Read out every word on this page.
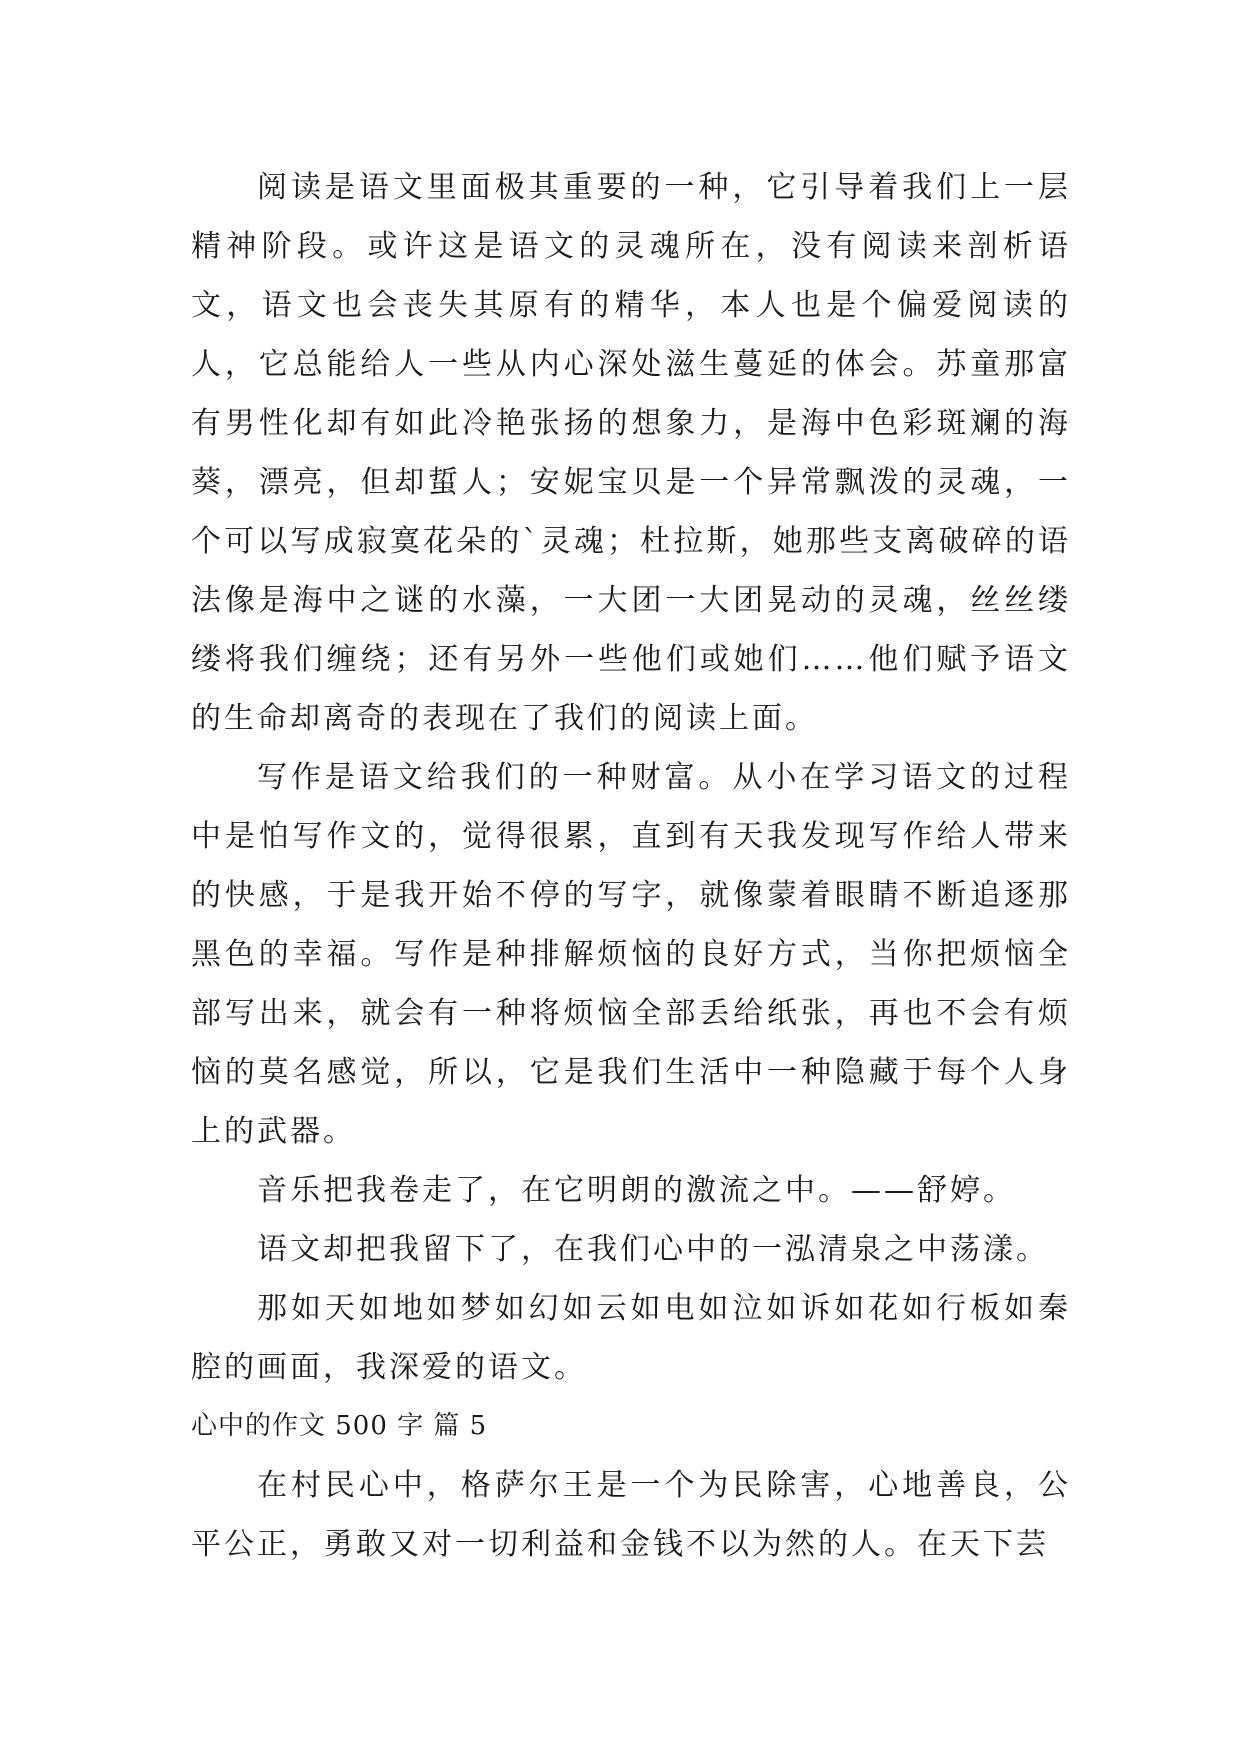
阅读是语文里面极其重要的一种，它引导着我们上一层精神阶段。或许这是语文的灵魂所在，没有阅读来剖析语文，语文也会丧失其原有的精华，本人也是个偏爱阅读的人，它总能给人一些从内心深处滋生蔓延的体会。苏童那富有男性化却有如此冷艳张扬的想象力，是海中色彩斑斓的海葵，漂亮，但却蜇人；安妮宝贝是一个异常飘泼的灵魂，一个可以写成寂寞花朵的`灵魂；杜拉斯，她那些支离破碎的语法像是海中之谜的水藻，一大团一大团晃动的灵魂，丝丝缕缕将我们缠绕；还有另外一些他们或她们……他们赋予语文的生命却离奇的表现在了我们的阅读上面。

写作是语文给我们的一种财富。从小在学习语文的过程中是怕写作文的，觉得很累，直到有天我发现写作给人带来的快感，于是我开始不停的写字，就像蒙着眼睛不断追逐那黑色的幸福。写作是种排解烦恼的良好方式，当你把烦恼全部写出来，就会有一种将烦恼全部丢给纸张，再也不会有烦恼的莫名感觉，所以，它是我们生活中一种隐藏于每个人身上的武器。

音乐把我卷走了，在它明朗的激流之中。——舒婷。

语文却把我留下了，在我们心中的一泓清泉之中荡漾。

那如天如地如梦如幻如云如电如泣如诉如花如行板如秦腔的画面，我深爱的语文。

心中的作文 500 字 篇 5

在村民心中，格萨尔王是一个为民除害，心地善良，公平公正，勇敢又对一切利益和金钱不以为然的人。在天下芸
